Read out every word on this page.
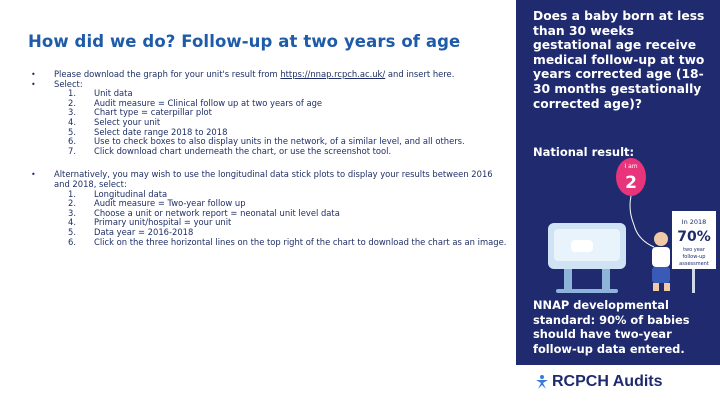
How did we do? Follow-up at two years of age
• Please download the graph for your unit's result from https://nnap.rcpch.ac.uk/ and insert here.
• Select:
1. Unit data
2. Audit measure = Clinical follow up at two years of age
3. Chart type = caterpillar plot
4. Select your unit
5. Select date range 2018 to 2018
6. Use to check boxes to also display units in the network, of a similar level, and all others.
7. Click download chart underneath the chart, or use the screenshot tool.
• Alternatively, you may wish to use the longitudinal data stick plots to display your results between 2016 and 2018, select:
1. Longitudinal data
2. Audit measure = Two-year follow up
3. Choose a unit or network report = neonatal unit level data
4. Primary unit/hospital = your unit
5. Data year = 2016-2018
6. Click on the three horizontal lines on the top right of the chart to download the chart as an image.
Does a baby born at less than 30 weeks gestational age receive medical follow-up at two years corrected age (18-30 months gestationally corrected age)?
National result:
I am
2
In 2018
70%
two year
follow-up
assessment
NNAP developmental standard: 90% of babies should have two-year follow-up data entered.
RCPCH Audits
